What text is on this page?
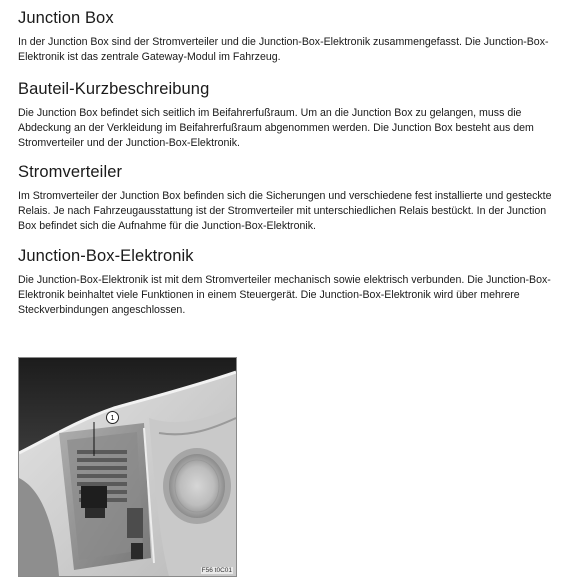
Junction Box

In der Junction Box sind der Stromverteiler und die Junction-Box-Elektronik zusammengefasst. Die Junction-Box-Elektronik ist das zentrale Gateway-Modul im Fahrzeug.

Bauteil-Kurzbeschreibung

Die Junction Box befindet sich seitlich im Beifahrerfußraum. Um an die Junction Box zu gelangen, muss die Abdeckung an der Verkleidung im Beifahrerfußraum abgenommen werden. Die Junction Box besteht aus dem Stromverteiler und der Junction-Box-Elektronik.

Stromverteiler

Im Stromverteiler der Junction Box befinden sich die Sicherungen und verschiedene fest installierte und gesteckte Relais. Je nach Fahrzeugausstattung ist der Stromverteiler mit unterschiedlichen Relais bestückt. In der Junction Box befindet sich die Aufnahme für die Junction-Box-Elektronik.

Junction-Box-Elektronik

Die Junction-Box-Elektronik ist mit dem Stromverteiler mechanisch sowie elektrisch verbunden. Die Junction-Box-Elektronik beinhaltet viele Funktionen in einem Steuergerät. Die Junction-Box-Elektronik wird über mehrere Steckverbindungen angeschlossen.

1
F56 t0C01
